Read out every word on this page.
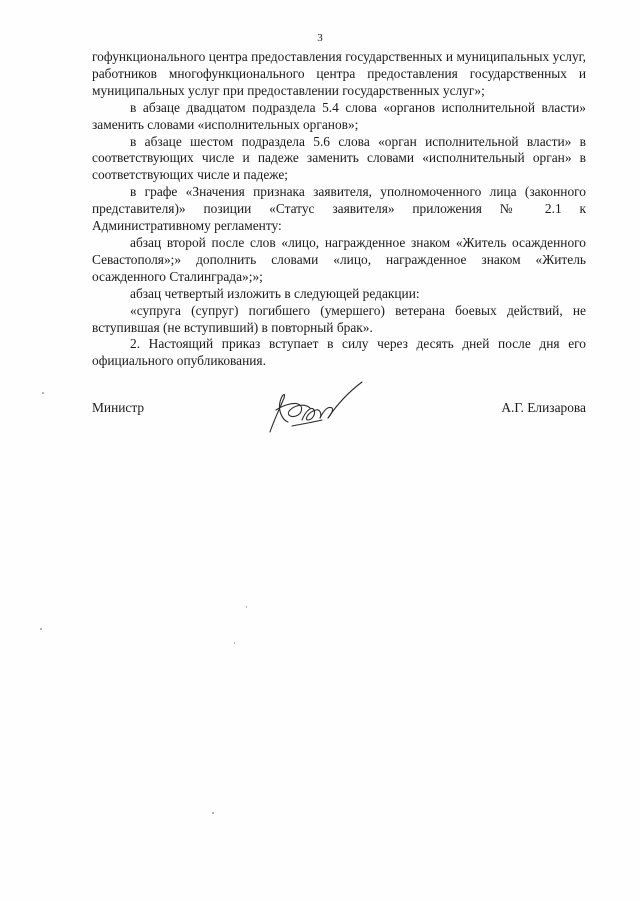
3

гофункционального центра предоставления государственных и муниципальных услуг, работников многофункционального центра предоставления государственных и муниципальных услуг при предоставлении государственных услуг»;

в абзаце двадцатом подраздела 5.4 слова «органов исполнительной власти» заменить словами «исполнительных органов»;

в абзаце шестом подраздела 5.6 слова «орган исполнительной власти» в соответствующих числе и падеже заменить словами «исполнительный орган» в соответствующих числе и падеже;

в графе «Значения признака заявителя, уполномоченного лица (законного представителя)» позиции «Статус заявителя» приложения № 2.1 к Административному регламенту:

абзац второй после слов «лицо, награжденное знаком «Житель осажденного Севастополя»;» дополнить словами «лицо, награжденное знаком «Житель осажденного Сталинграда»;»;

абзац четвертый изложить в следующей редакции:

«супруга (супруг) погибшего (умершего) ветерана боевых действий, не вступившая (не вступивший) в повторный брак».

2. Настоящий приказ вступает в силу через десять дней после дня его официального опубликования.

Министр	А.Г. Елизарова
